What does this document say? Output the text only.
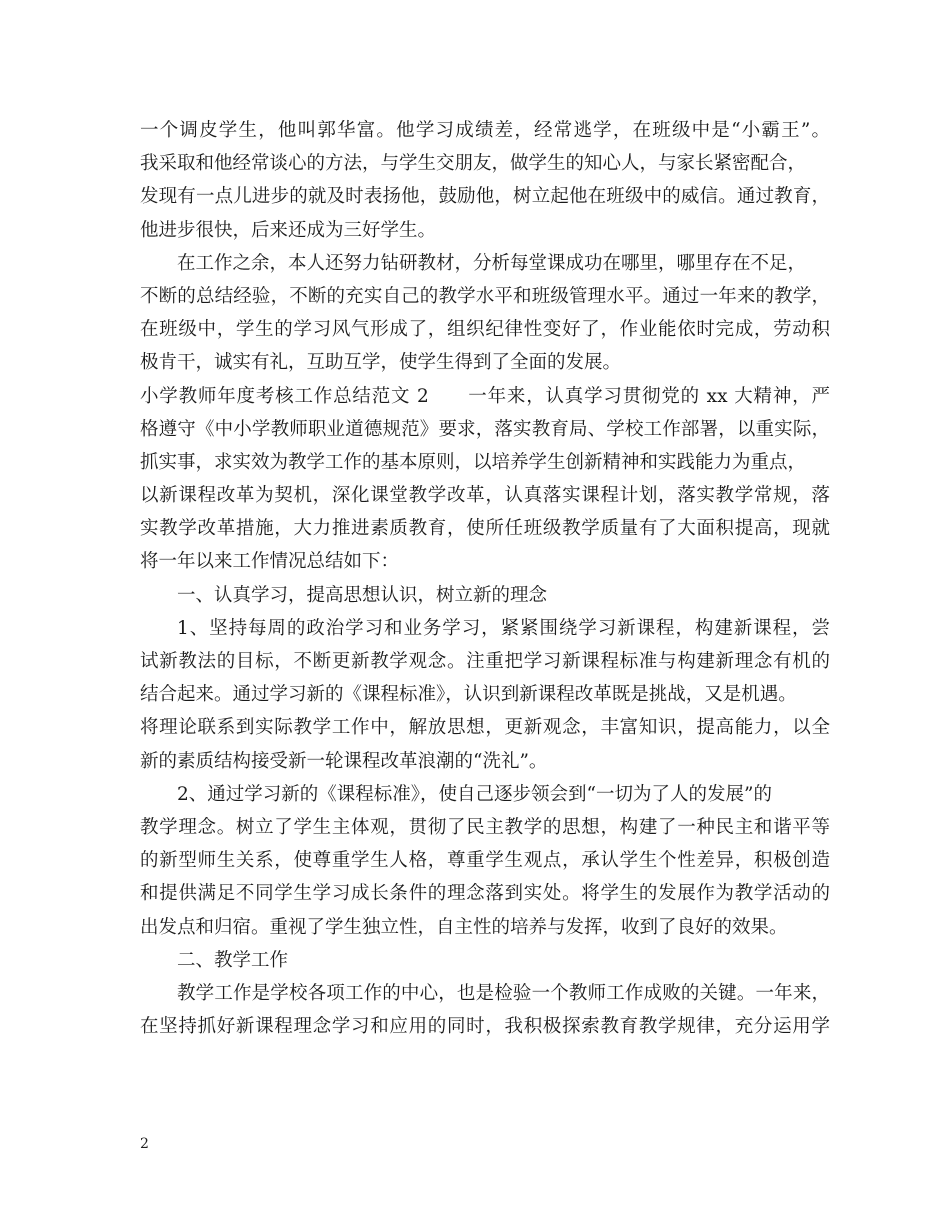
一个调皮学生，他叫郭华富。他学习成绩差，经常逃学，在班级中是“小霸王”。
我采取和他经常谈心的方法，与学生交朋友，做学生的知心人，与家长紧密配合，
发现有一点儿进步的就及时表扬他，鼓励他，树立起他在班级中的威信。通过教育，
他进步很快，后来还成为三好学生。
在工作之余，本人还努力钻研教材，分析每堂课成功在哪里，哪里存在不足，
不断的总结经验，不断的充实自己的教学水平和班级管理水平。通过一年来的教学，
在班级中，学生的学习风气形成了，组织纪律性变好了，作业能依时完成，劳动积
极肯干，诚实有礼，互助互学，使学生得到了全面的发展。
小学教师年度考核工作总结范文 2　　一年来，认真学习贯彻党的 xx 大精神，严
格遵守《中小学教师职业道德规范》要求，落实教育局、学校工作部署，以重实际，
抓实事，求实效为教学工作的基本原则，以培养学生创新精神和实践能力为重点，
以新课程改革为契机，深化课堂教学改革，认真落实课程计划，落实教学常规，落
实教学改革措施，大力推进素质教育，使所任班级教学质量有了大面积提高，现就
将一年以来工作情况总结如下：
一、认真学习，提高思想认识，树立新的理念
1、坚持每周的政治学习和业务学习，紧紧围绕学习新课程，构建新课程，尝
试新教法的目标，不断更新教学观念。注重把学习新课程标准与构建新理念有机的
结合起来。通过学习新的《课程标准》，认识到新课程改革既是挑战，又是机遇。
将理论联系到实际教学工作中，解放思想，更新观念，丰富知识，提高能力，以全
新的素质结构接受新一轮课程改革浪潮的“洗礼”。
2、通过学习新的《课程标准》，使自己逐步领会到“一切为了人的发展”的
教学理念。树立了学生主体观，贯彻了民主教学的思想，构建了一种民主和谐平等
的新型师生关系，使尊重学生人格，尊重学生观点，承认学生个性差异，积极创造
和提供满足不同学生学习成长条件的理念落到实处。将学生的发展作为教学活动的
出发点和归宿。重视了学生独立性，自主性的培养与发挥，收到了良好的效果。
二、教学工作
教学工作是学校各项工作的中心，也是检验一个教师工作成败的关键。一年来，
在坚持抓好新课程理念学习和应用的同时，我积极探索教育教学规律，充分运用学
2
